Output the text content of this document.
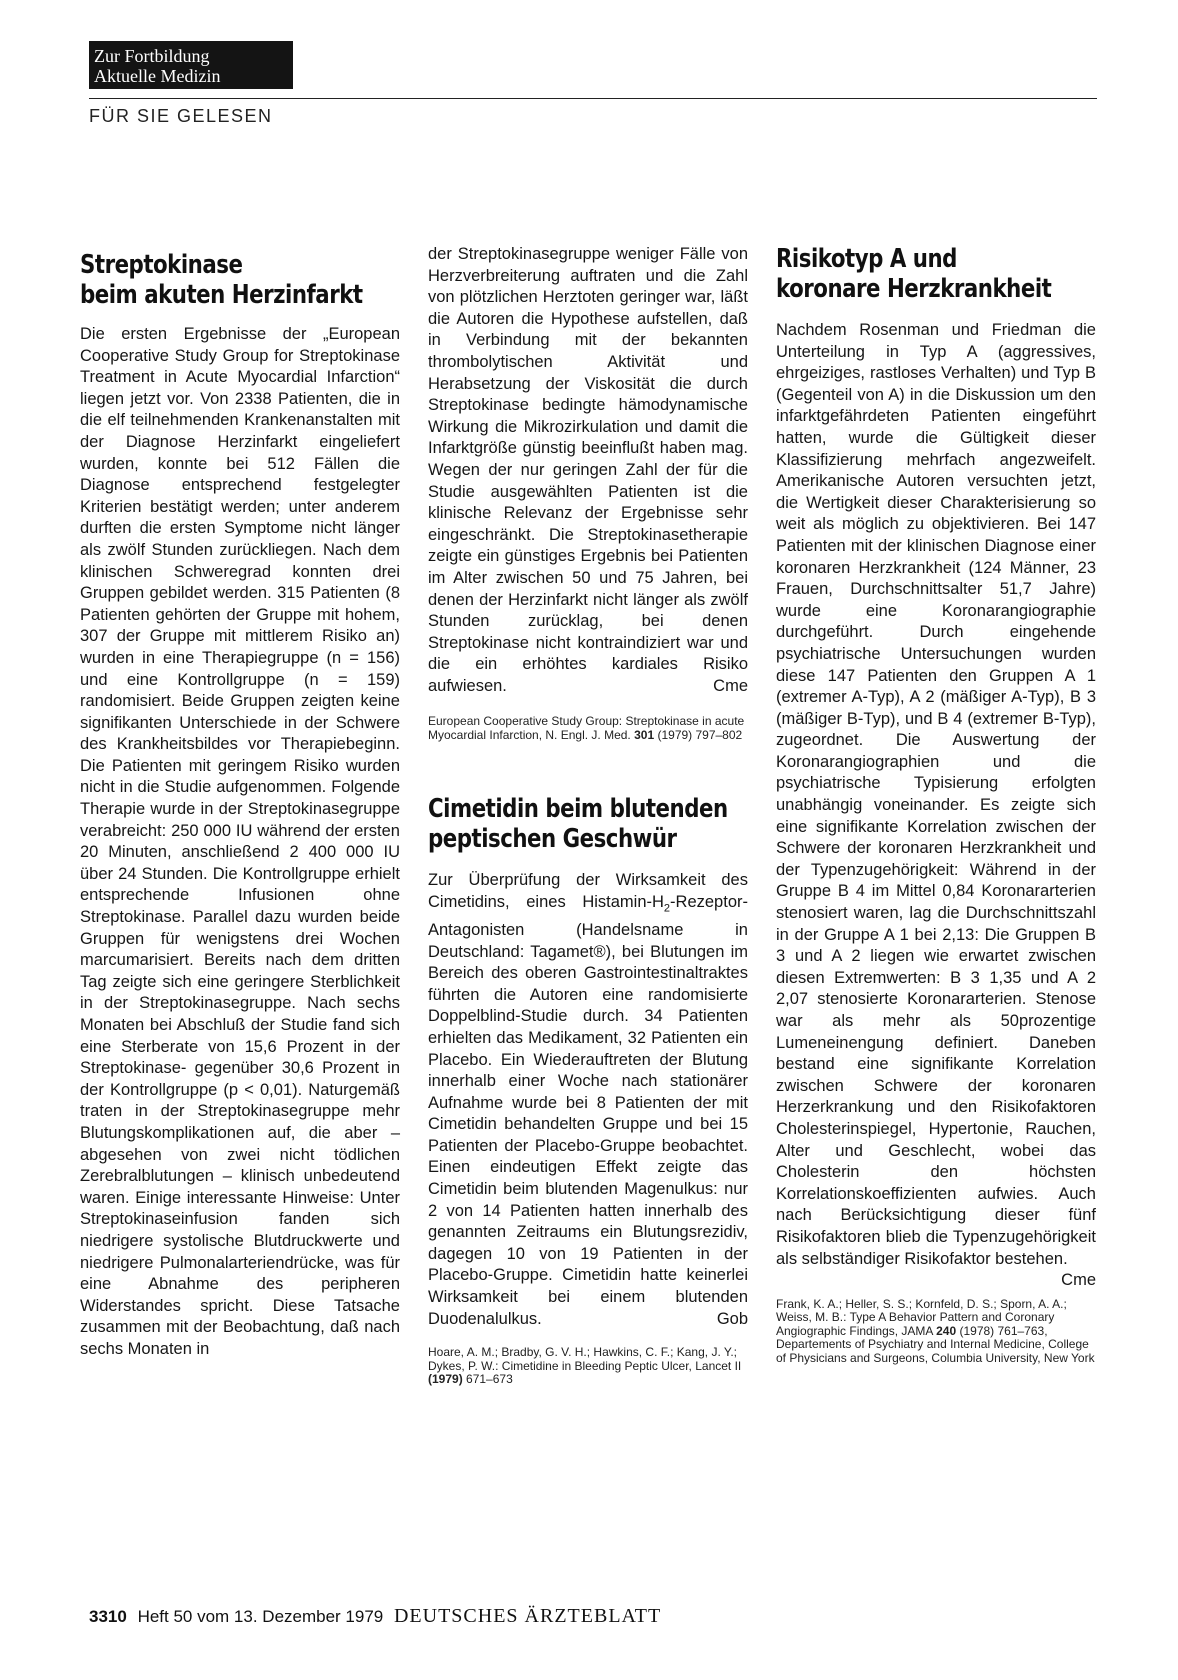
Zur Fortbildung
Aktuelle Medizin
FÜR SIE GELESEN
Streptokinase
beim akuten Herzinfarkt

Die ersten Ergebnisse der „European Cooperative Study Group for Streptokinase Treatment in Acute Myocardial Infarction“ liegen jetzt vor. Von 2338 Patienten, die in die elf teilnehmenden Krankenanstalten mit der Diagnose Herzinfarkt eingeliefert wurden, konnte bei 512 Fällen die Diagnose entsprechend festgelegter Kriterien bestätigt werden; unter anderem durften die ersten Symptome nicht länger als zwölf Stunden zurückliegen. Nach dem klinischen Schweregrad konnten drei Gruppen gebildet werden. 315 Patienten (8 Patienten gehörten der Gruppe mit hohem, 307 der Gruppe mit mittlerem Risiko an) wurden in eine Therapiegruppe (n = 156) und eine Kontrollgruppe (n = 159) randomisiert. Beide Gruppen zeigten keine signifikanten Unterschiede in der Schwere des Krankheitsbildes vor Therapiebeginn. Die Patienten mit geringem Risiko wurden nicht in die Studie aufgenommen. Folgende Therapie wurde in der Streptokinasegruppe verabreicht: 250 000 IU während der ersten 20 Minuten, anschließend 2 400 000 IU über 24 Stunden. Die Kontrollgruppe erhielt entsprechende Infusionen ohne Streptokinase. Parallel dazu wurden beide Gruppen für wenigstens drei Wochen marcumarisiert. Bereits nach dem dritten Tag zeigte sich eine geringere Sterblichkeit in der Streptokinasegruppe. Nach sechs Monaten bei Abschluß der Studie fand sich eine Sterberate von 15,6 Prozent in der Streptokinase- gegenüber 30,6 Prozent in der Kontrollgruppe (p < 0,01). Naturgemäß traten in der Streptokinasegruppe mehr Blutungskomplikationen auf, die aber – abgesehen von zwei nicht tödlichen Zerebralblutungen – klinisch unbedeutend waren. Einige interessante Hinweise: Unter Streptokinaseinfusion fanden sich niedrigere systolische Blutdruckwerte und niedrigere Pulmonalarteriendrücke, was für eine Abnahme des peripheren Widerstandes spricht. Diese Tatsache zusammen mit der Beobachtung, daß nach sechs Monaten in

der Streptokinasegruppe weniger Fälle von Herzverbreiterung auftraten und die Zahl von plötzlichen Herztoten geringer war, läßt die Autoren die Hypothese aufstellen, daß in Verbindung mit der bekannten thrombolytischen Aktivität und Herabsetzung der Viskosität die durch Streptokinase bedingte hämodynamische Wirkung die Mikrozirkulation und damit die Infarktgröße günstig beeinflußt haben mag. Wegen der nur geringen Zahl der für die Studie ausgewählten Patienten ist die klinische Relevanz der Ergebnisse sehr eingeschränkt. Die Streptokinasetherapie zeigte ein günstiges Ergebnis bei Patienten im Alter zwischen 50 und 75 Jahren, bei denen der Herzinfarkt nicht länger als zwölf Stunden zurücklag, bei denen Streptokinase nicht kontraindiziert war und die ein erhöhtes kardiales Risiko aufwiesen.	Cme

European Cooperative Study Group: Streptokinase in acute Myocardial Infarction, N. Engl. J. Med. 301 (1979) 797–802
Cimetidin beim blutenden
peptischen Geschwür

Zur Überprüfung der Wirksamkeit des Cimetidins, eines Histamin-$H_2-Rezeptor$-Antagonisten (Handelsname in Deutschland: Tagamet®), bei Blutungen im Bereich des oberen Gastrointestinaltraktes führten die Autoren eine randomisierte Doppelblind-Studie durch. 34 Patienten erhielten das Medikament, 32 Patienten ein Placebo. Ein Wiederauftreten der Blutung innerhalb einer Woche nach stationärer Aufnahme wurde bei 8 Patienten der mit Cimetidin behandelten Gruppe und bei 15 Patienten der Placebo-Gruppe beobachtet. Einen eindeutigen Effekt zeigte das Cimetidin beim blutenden Magenulkus: nur 2 von 14 Patienten hatten innerhalb des genannten Zeitraums ein Blutungsrezidiv, dagegen 10 von 19 Patienten in der Placebo-Gruppe. Cimetidin hatte keinerlei Wirksamkeit bei einem blutenden Duodenalulkus.	Gob

Hoare, A. M.; Bradby, G. V. H.; Hawkins, C. F.; Kang, J. Y.; Dykes, P. W.: Cimetidine in Bleeding Peptic Ulcer, Lancet II (1979) 671–673
Risikotyp A und
koronare Herzkrankheit

Nachdem Rosenman und Friedman die Unterteilung in Typ A (aggressives, ehrgeiziges, rastloses Verhalten) und Typ B (Gegenteil von A) in die Diskussion um den infarktgefährdeten Patienten eingeführt hatten, wurde die Gültigkeit dieser Klassifizierung mehrfach angezweifelt. Amerikanische Autoren versuchten jetzt, die Wertigkeit dieser Charakterisierung so weit als möglich zu objektivieren. Bei 147 Patienten mit der klinischen Diagnose einer koronaren Herzkrankheit (124 Männer, 23 Frauen, Durchschnittsalter 51,7 Jahre) wurde eine Koronarangiographie durchgeführt. Durch eingehende psychiatrische Untersuchungen wurden diese 147 Patienten den Gruppen A 1 (extremer A-Typ), A 2 (mäßiger A-Typ), B 3 (mäßiger B-Typ), und B 4 (extremer B-Typ), zugeordnet. Die Auswertung der Koronarangiographien und die psychiatrische Typisierung erfolgten unabhängig voneinander. Es zeigte sich eine signifikante Korrelation zwischen der Schwere der koronaren Herzkrankheit und der Typenzugehörigkeit: Während in der Gruppe B 4 im Mittel 0,84 Koronararterien stenosiert waren, lag die Durchschnittszahl in der Gruppe A 1 bei 2,13: Die Gruppen B 3 und A 2 liegen wie erwartet zwischen diesen Extremwerten: B 3 1,35 und A 2 2,07 stenosierte Koronararterien. Stenose war als mehr als 50prozentige Lumeneinengung definiert. Daneben bestand eine signifikante Korrelation zwischen Schwere der koronaren Herzerkrankung und den Risikofaktoren Cholesterinspiegel, Hypertonie, Rauchen, Alter und Geschlecht, wobei das Cholesterin den höchsten Korrelationskoeffizienten aufwies. Auch nach Berücksichtigung dieser fünf Risikofaktoren blieb die Typenzugehörigkeit als selbständiger Risikofaktor bestehen.
Cme

Frank, K. A.; Heller, S. S.; Kornfeld, D. S.; Sporn, A. A.; Weiss, M. B.: Type A Behavior Pattern and Coronary Angiographic Findings, JAMA 240 (1978) 761–763, Departements of Psychiatry and Internal Medicine, College of Physicians and Surgeons, Columbia University, New York
3310 Heft 50 vom 13. Dezember 1979 DEUTSCHES ÄRZTEBLATT
